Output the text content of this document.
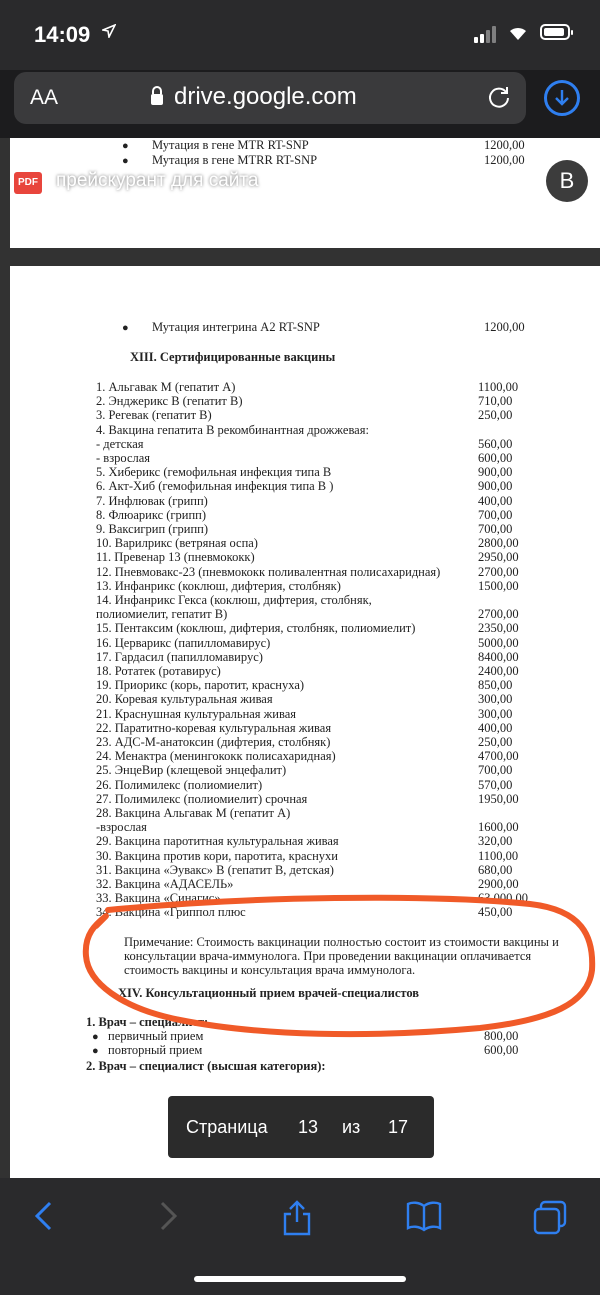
14:09
AA	drive.google.com
● Мутация в гене MTR RT-SNP	1200,00
● Мутация в гене MTRR RT-SNP	1200,00
● Мутация интегрина А2 RT-SNP	1200,00
XIII. Сертифицированные вакцины
1. Альгавак М (гепатит А)	1100,00
2. Энджерикс В (гепатит В)	710,00
3. Регевак (гепатит В)	250,00
4. Вакцина гепатита В рекомбинантная дрожжевая:
- детская	560,00
- взрослая	600,00
5. Хиберикс (гемофильная инфекция типа В	900,00
6. Акт-Хиб (гемофильная инфекция типа В )	900,00
7. Инфлювак (грипп)	400,00
8. Флюарикс (грипп)	700,00
9. Ваксигрип (грипп)	700,00
10. Варилрикс (ветряная оспа)	2800,00
11. Превенар 13 (пневмококк)	2950,00
12. Пневмовакс-23 (пневмококк поливалентная полисахаридная)	2700,00
13. Инфанрикс (коклюш, дифтерия, столбняк)	1500,00
14. Инфанрикс Гекса (коклюш, дифтерия, столбняк,
полиомиелит, гепатит В)	2700,00
15. Пентаксим (коклюш, дифтерия, столбняк, полиомиелит)	2350,00
16. Церварикс (папилломавирус)	5000,00
17. Гардасил (папилломавирус)	8400,00
18. Ротатек (ротавирус)	2400,00
19. Приорикс (корь, паротит, краснуха)	850,00
20. Коревая культуральная живая	300,00
21. Краснушная культуральная живая	300,00
22. Паратитно-коревая культуральная живая	400,00
23. АДС-М-анатоксин (дифтерия, столбняк)	250,00
24. Менактра (менингококк полисахаридная)	4700,00
25. ЭнцеВир (клещевой энцефалит)	700,00
26. Полимилекс (полиомиелит)	570,00
27. Полимилекс (полиомиелит) срочная	1950,00
28. Вакцина Альгавак М (гепатит А)
-взрослая	1600,00
29. Вакцина паротитная культуральная живая	320,00
30. Вакцина против кори, паротита, краснухи	1100,00
31. Вакцина «Эувакс» В (гепатит В, детская)	680,00
32. Вакцина «АДАСЕЛЬ»	2900,00
33. Вакцина «Синагис»	63 000,00
34. Вакцина «Гриппол плюс	450,00
Примечание: Стоимость вакцинации полностью состоит из стоимости вакцины и
консультации врача-иммунолога. При проведении вакцинации оплачивается
стоимость вакцины и консультация врача иммунолога.
XIV. Консультационный прием врачей-специалистов
1. Врач – специалист:
● первичный прием	800,00
● повторный прием	600,00
2. Врач – специалист (высшая категория):
PDF прейскурант для сайта	B
Страница 13 из 17
